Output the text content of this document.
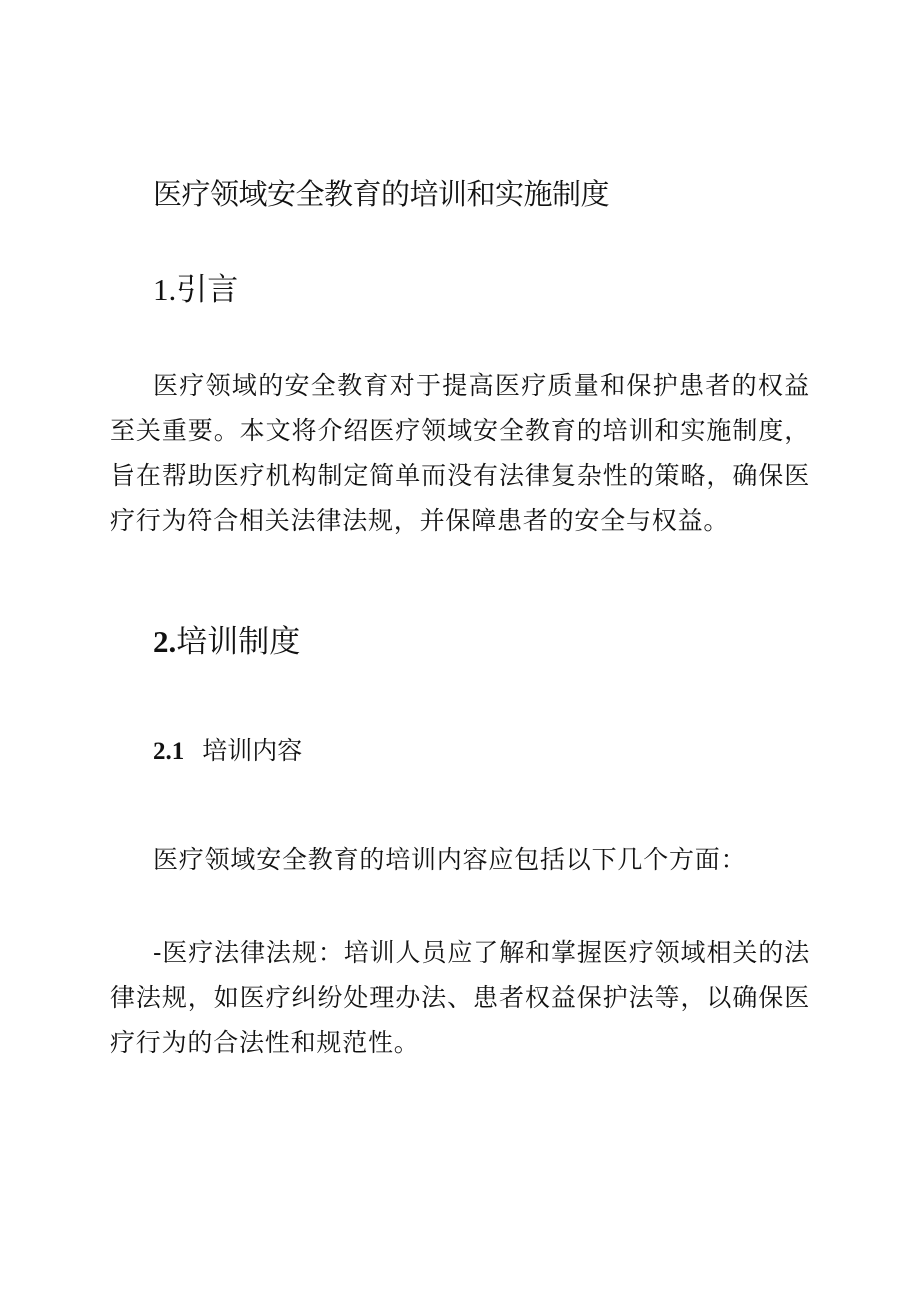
医疗领域安全教育的培训和实施制度
1.引言

医疗领域的安全教育对于提高医疗质量和保护患者的权益至关重要。本文将介绍医疗领域安全教育的培训和实施制度，旨在帮助医疗机构制定简单而没有法律复杂性的策略，确保医疗行为符合相关法律法规，并保障患者的安全与权益。

2.培训制度
2.1 培训内容

医疗领域安全教育的培训内容应包括以下几个方面：

-医疗法律法规：培训人员应了解和掌握医疗领域相关的法律法规，如医疗纠纷处理办法、患者权益保护法等，以确保医疗行为的合法性和规范性。
